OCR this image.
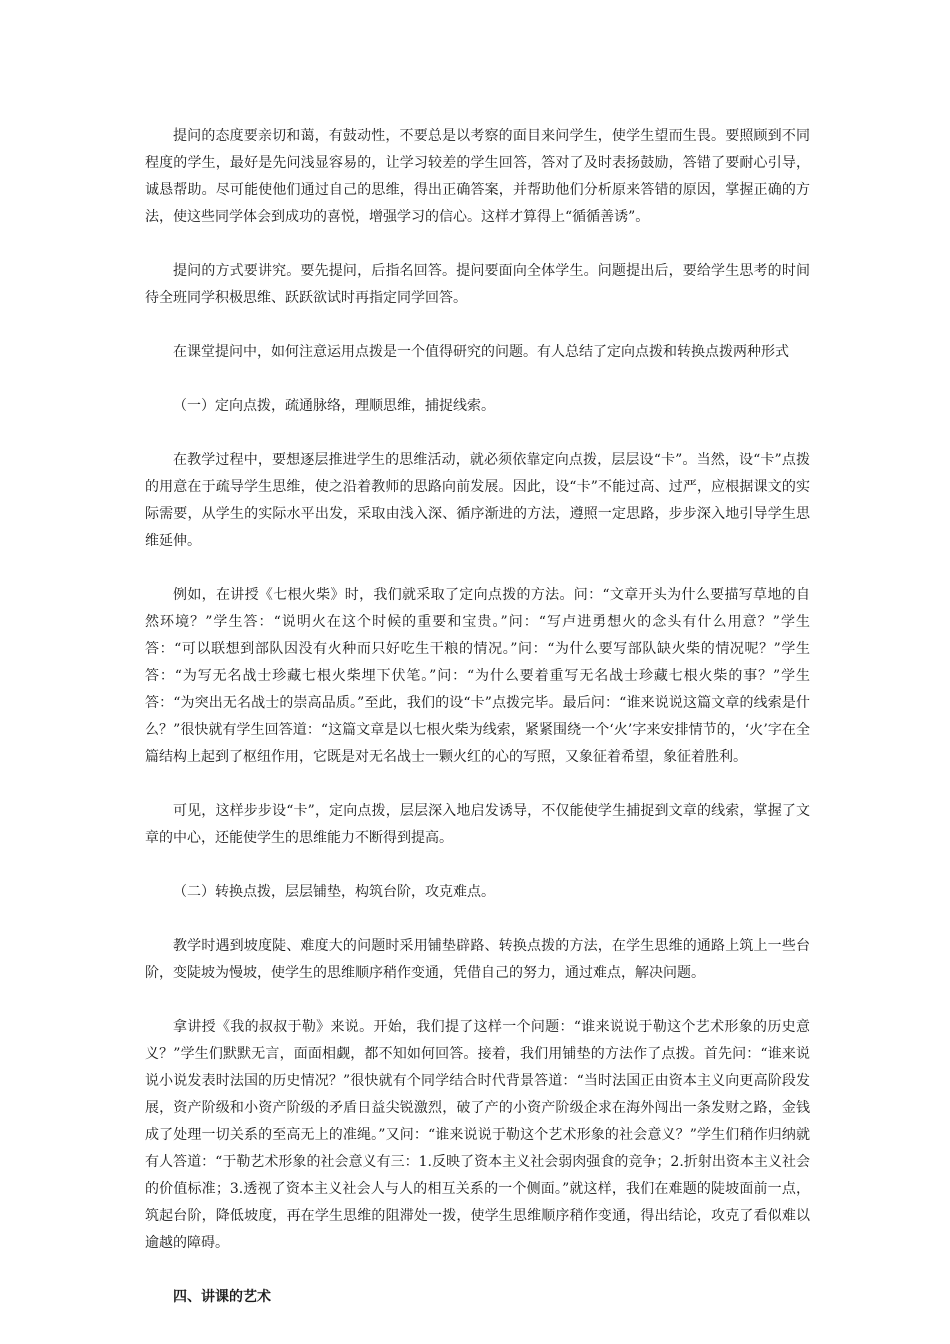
提问的态度要亲切和蔼，有鼓动性，不要总是以考察的面目来问学生，使学生望而生畏。要照顾到不同程度的学生，最好是先问浅显容易的，让学习较差的学生回答，答对了及时表扬鼓励，答错了要耐心引导，诚恳帮助。尽可能使他们通过自己的思维，得出正确答案，并帮助他们分析原来答错的原因，掌握正确的方法，使这些同学体会到成功的喜悦，增强学习的信心。这样才算得上“循循善诱”。

提问的方式要讲究。要先提问，后指名回答。提问要面向全体学生。问题提出后，要给学生思考的时间待全班同学积极思维、跃跃欲试时再指定同学回答。

在课堂提问中，如何注意运用点拨是一个值得研究的问题。有人总结了定向点拨和转换点拨两种形式

（一）定向点拨，疏通脉络，理顺思维，捕捉线索。

在教学过程中，要想逐层推进学生的思维活动，就必须依靠定向点拨，层层设“卡”。当然，设“卡”点拨的用意在于疏导学生思维，使之沿着教师的思路向前发展。因此，设“卡”不能过高、过严，应根据课文的实际需要，从学生的实际水平出发，采取由浅入深、循序渐进的方法，遵照一定思路，步步深入地引导学生思维延伸。

例如，在讲授《七根火柴》时，我们就采取了定向点拨的方法。问：“文章开头为什么要描写草地的自然环境？”学生答：“说明火在这个时候的重要和宝贵。”问：“写卢进勇想火的念头有什么用意？”学生答：“可以联想到部队因没有火种而只好吃生干粮的情况。”问：“为什么要写部队缺火柴的情况呢？”学生答：“为写无名战士珍藏七根火柴埋下伏笔。”问：“为什么要着重写无名战士珍藏七根火柴的事？”学生答：“为突出无名战士的崇高品质。”至此，我们的设“卡”点拨完毕。最后问：“谁来说说这篇文章的线索是什么？”很快就有学生回答道：“这篇文章是以七根火柴为线索，紧紧围绕一个‘火’字来安排情节的，‘火’字在全篇结构上起到了枢纽作用，它既是对无名战士一颗火红的心的写照，又象征着希望，象征着胜利。

可见，这样步步设“卡”，定向点拨，层层深入地启发诱导，不仅能使学生捕捉到文章的线索，掌握了文章的中心，还能使学生的思维能力不断得到提高。

（二）转换点拨，层层铺垫，构筑台阶，攻克难点。

教学时遇到坡度陡、难度大的问题时采用铺垫辟路、转换点拨的方法，在学生思维的通路上筑上一些台阶，变陡坡为慢坡，使学生的思维顺序稍作变通，凭借自己的努力，通过难点，解决问题。

拿讲授《我的叔叔于勒》来说。开始，我们提了这样一个问题：“谁来说说于勒这个艺术形象的历史意义？”学生们默默无言，面面相觑，都不知如何回答。接着，我们用铺垫的方法作了点拨。首先问：“谁来说说小说发表时法国的历史情况？”很快就有个同学结合时代背景答道：“当时法国正由资本主义向更高阶段发展，资产阶级和小资产阶级的矛盾日益尖锐激烈，破了产的小资产阶级企求在海外闯出一条发财之路，金钱成了处理一切关系的至高无上的准绳。”又问：“谁来说说于勒这个艺术形象的社会意义？”学生们稍作归纳就有人答道：“于勒艺术形象的社会意义有三：1.反映了资本主义社会弱肉强食的竞争；2.折射出资本主义社会的价值标准；3.透视了资本主义社会人与人的相互关系的一个侧面。”就这样，我们在难题的陡坡面前一点，筑起台阶，降低坡度，再在学生思维的阻滞处一拨，使学生思维顺序稍作变通，得出结论，攻克了看似难以逾越的障碍。

四、讲课的艺术
